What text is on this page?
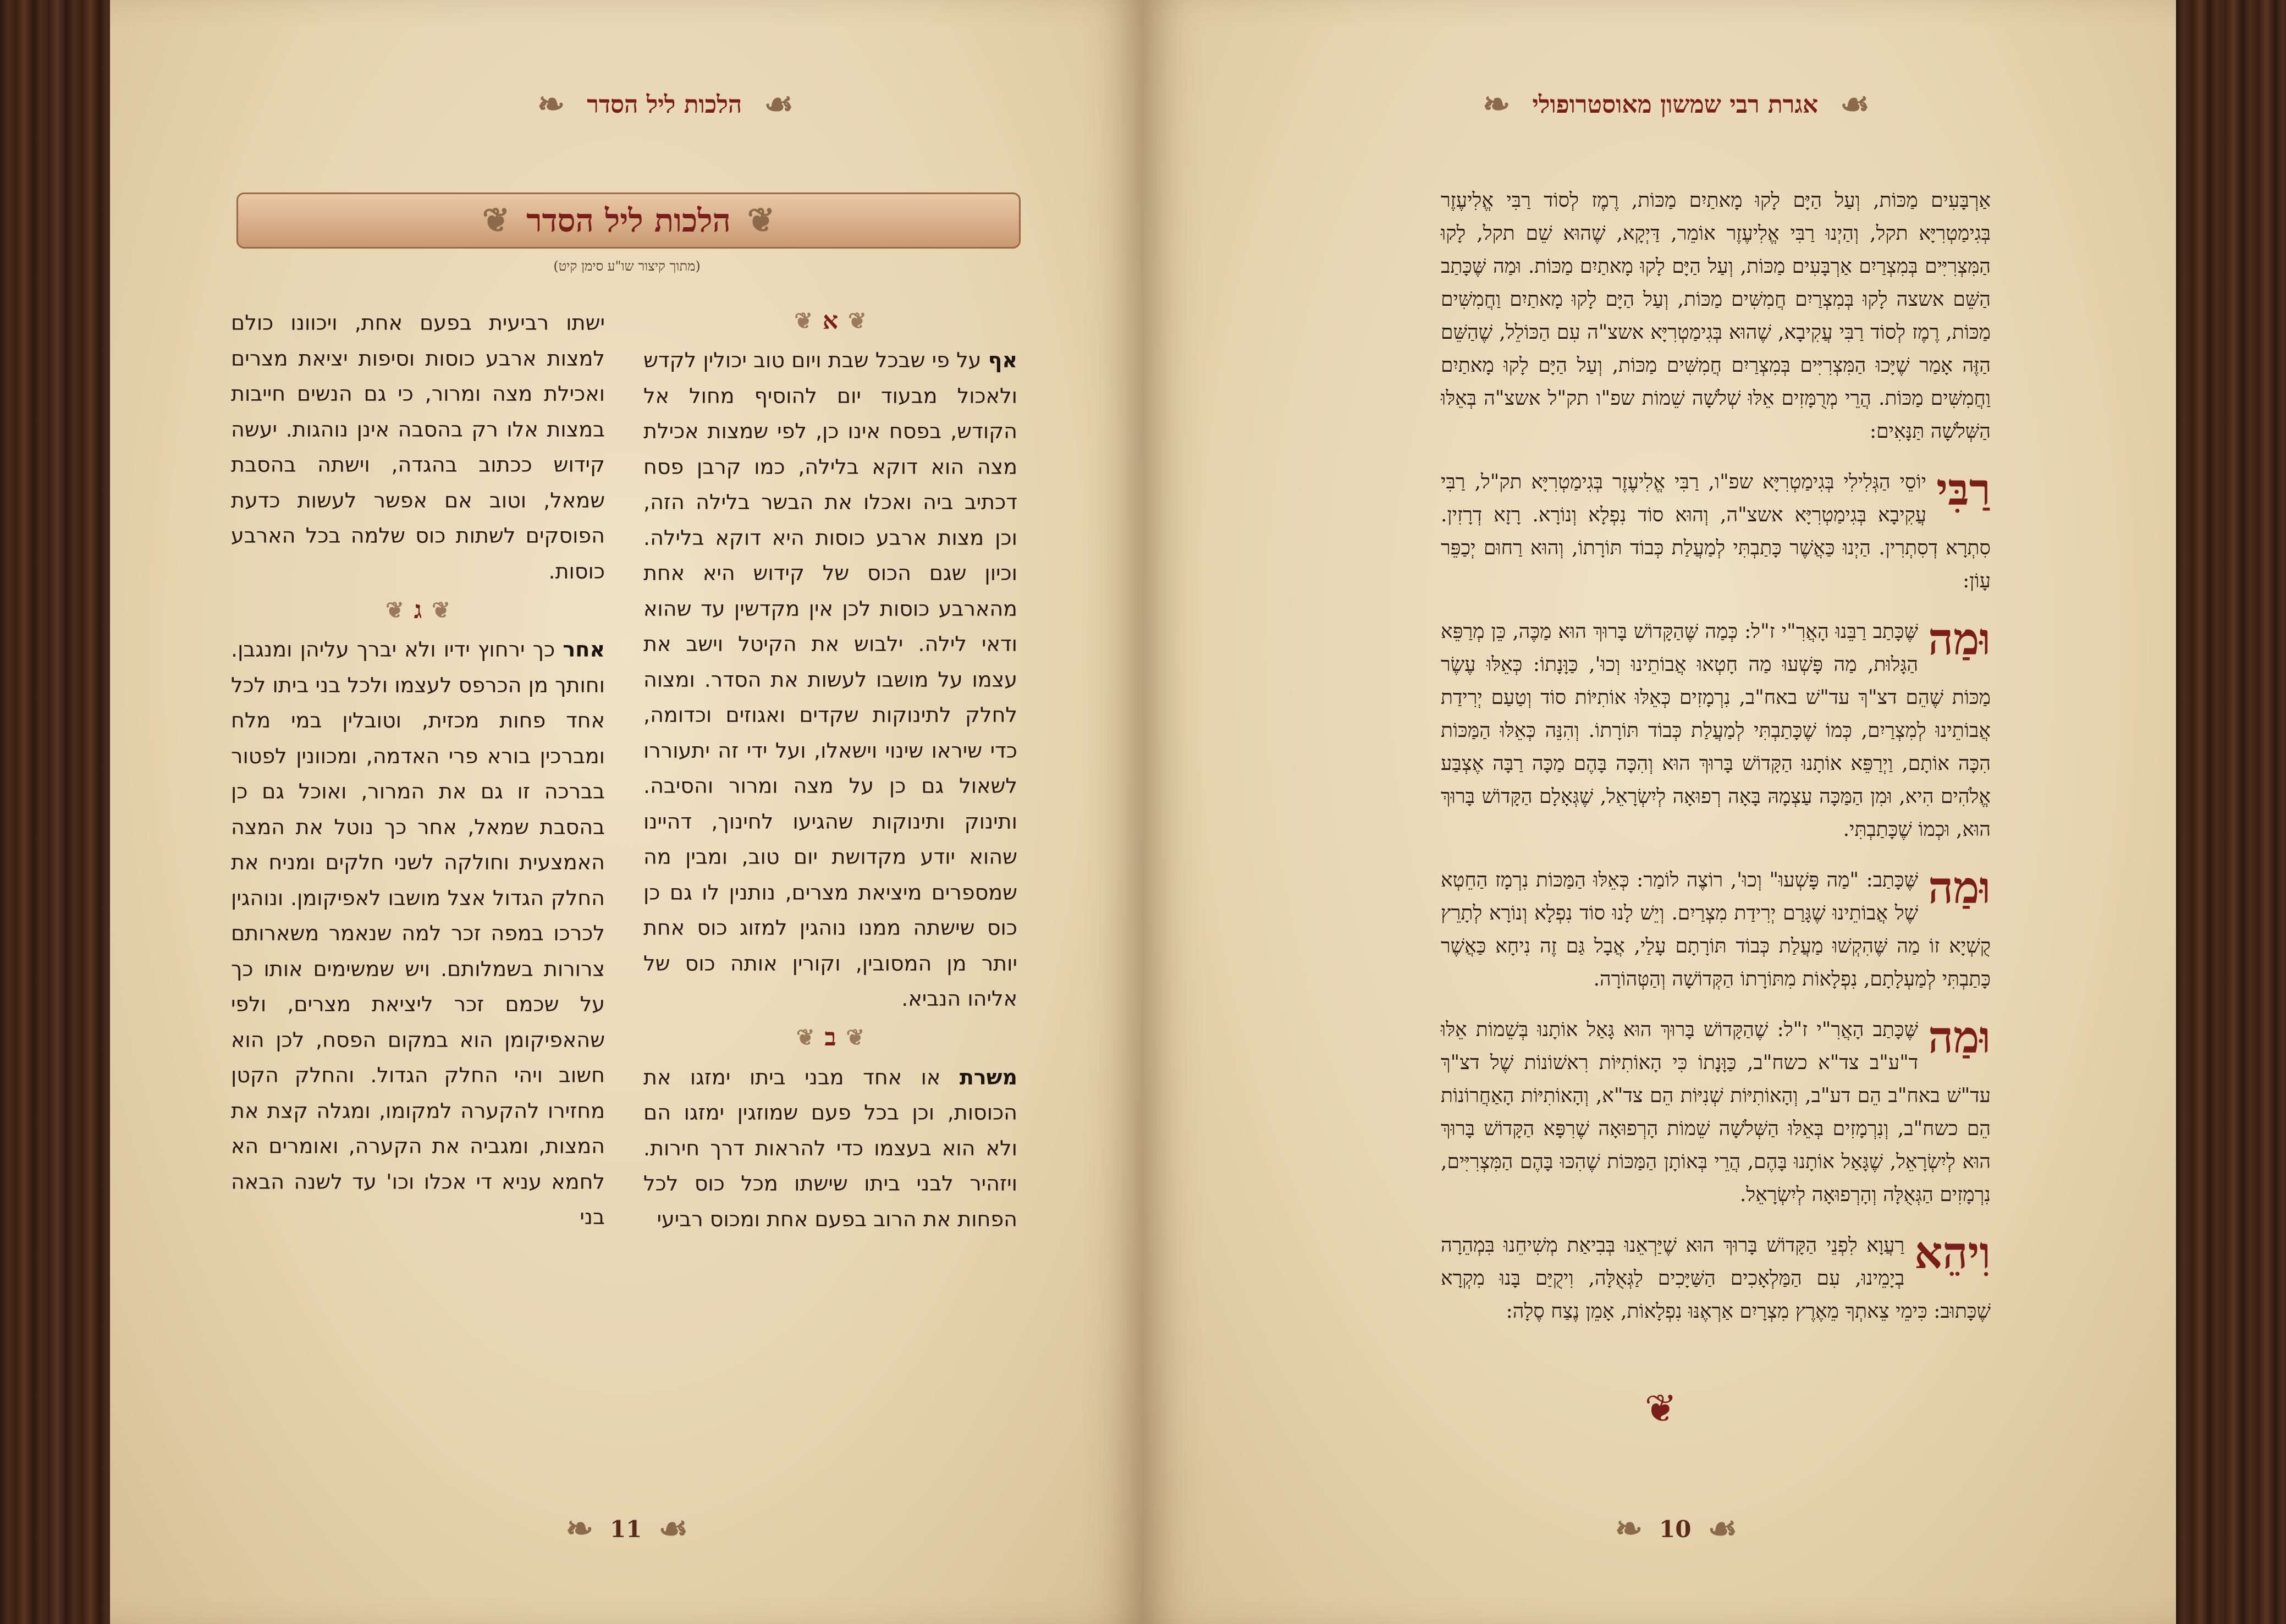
❧ הלכות ליל הסדר ☙
❦ הלכות ליל הסדר ❦
(מתוך קיצור שו"ע סימן קיט)
❦
א
❦

אף על פי שבכל שבת ויום טוב יכולין לקדש ולאכול מבעוד יום להוסיף מחול אל הקודש, בפסח אינו כן, לפי שמצות אכילת מצה הוא דוקא בלילה, כמו קרבן פסח דכתיב ביה ואכלו את הבשר בלילה הזה, וכן מצות ארבע כוסות היא דוקא בלילה. וכיון שגם הכוס של קידוש היא אחת מהארבע כוסות לכן אין מקדשין עד שהוא ודאי לילה. ילבוש את הקיטל וישב את עצמו על מושבו לעשות את הסדר. ומצוה לחלק לתינוקות שקדים ואגוזים וכדומה, כדי שיראו שינוי וישאלו, ועל ידי זה יתעוררו לשאול גם כן על מצה ומרור והסיבה. ותינוק ותינוקות שהגיעו לחינוך, דהיינו שהוא יודע מקדושת יום טוב, ומבין מה שמספרים מיציאת מצרים, נותנין לו גם כן כוס שישתה ממנו נוהגין למזוג כוס אחת יותר מן המסובין, וקורין אותה כוס של אליהו הנביא.

❦
ב
❦

משרת או אחד מבני ביתו ימזגו את הכוסות, וכן בכל פעם שמוזגין ימזגו הם ולא הוא בעצמו כדי להראות דרך חירות. ויזהיר לבני ביתו שישתו מכל כוס לכל הפחות את הרוב בפעם אחת ומכוס רביעי

ישתו רביעית בפעם אחת, ויכוונו כולם למצות ארבע כוסות וסיפות יציאת מצרים ואכילת מצה ומרור, כי גם הנשים חייבות במצות אלו רק בהסבה אינן נוהגות. יעשה קידוש ככתוב בהגדה, וישתה בהסבת שמאל, וטוב אם אפשר לעשות כדעת הפוסקים לשתות כוס שלמה בכל הארבע כוסות.

❦
ג
❦

אחר כך ירחוץ ידיו ולא יברך עליהן ומנגבן. וחותך מן הכרפס לעצמו ולכל בני ביתו לכל אחד פחות מכזית, וטובלין במי מלח ומברכין בורא פרי האדמה, ומכוונין לפטור בברכה זו גם את המרור, ואוכל גם כן בהסבת שמאל, אחר כך נוטל את המצה האמצעית וחולקה לשני חלקים ומניח את החלק הגדול אצל מושבו לאפיקומן. ונוהגין לכרכו במפה זכר למה שנאמר משארותם צרורות בשמלותם. ויש שמשימים אותו כך על שכמם זכר ליציאת מצרים, ולפי שהאפיקומן הוא במקום הפסח, לכן הוא חשוב ויהי החלק הגדול. והחלק הקטן מחזירו להקערה למקומו, ומגלה קצת את המצות, ומגביה את הקערה, ואומרים הא לחמא עניא די אכלו וכו' עד לשנה הבאה בני

❧ 11 ☙
❧ אגרת רבי שמשון מאוסטרופולי ☙
❧ 10 ☙

אַרְבָּעִים מַכּוֹת, וְעַל הַיָּם לָקוּ מָאתַיִם מַכּוֹת, רֶמֶז לְסוֹד רַבִּי אֱלִיעֶזֶר בְּגִימַטְרִיָּא תקל, וְהַיְנוּ רַבִּי אֱלִיעֶזֶר אוֹמֵר, דַּיְקָא, שֶׁהוּא שֵׁם תקל, לָקוּ הַמִּצְרִיִּים בְּמִצְרַיִם אַרְבָּעִים מַכּוֹת, וְעַל הַיָּם לָקוּ מָאתַיִם מַכּוֹת. וּמַה שֶּׁכָּתַב הַשֵּׁם אשצה לָקוּ בְּמִצְרַיִם חֲמִשִּׁים מַכּוֹת, וְעַל הַיָּם לָקוּ מָאתַיִם וַחֲמִשִּׁים מַכּוֹת, רֶמֶז לְסוֹד רַבִּי עֲקִיבָא, שֶׁהוּא בְּגִימַטְרִיָּא אשצ"ה עִם הַכּוֹלֵל, שֶׁהַשֵּׁם הַזֶּה אָמַר שֶׁיָּכוּ הַמִּצְרִיִּים בְּמִצְרַיִם חֲמִשִּׁים מַכּוֹת, וְעַל הַיָּם לָקוּ מָאתַיִם וַחֲמִשִּׁים מַכּוֹת. הֲרֵי מְרֻמָּזִים אֵלּוּ שְׁלֹשָׁה שֵׁמוֹת שפ"ו תק"ל אשצ"ה בְּאֵלּוּ הַשְּׁלֹשָׁה תַּנָּאִים:

רַבִּי
יוֹסֵי הַגְּלִילִי בְּגִימַטְרִיָּא שפ"ו, רַבִּי אֱלִיעֶזֶר בְּגִימַטְרִיָּא תק"ל, רַבִּי עֲקִיבָא בְּגִימַטְרִיָּא אשצ"ה, וְהוּא סוֹד נִפְלָא וְנוֹרָא. רָזָא דְרָזִין. סִתְרָא דְסִתְרִין. הַיְנוּ כַּאֲשֶׁר כָּתַבְתִּי לְמַעֲלַת כְּבוֹד תּוֹרָתוֹ, וְהוּא רַחוּם יְכַפֵּר עָוֹן:

וּמַה
שֶּׁכָּתַב רַבֵּנוּ הָאֲרִ"י ז"ל: כְּמַה שֶּׁהַקָּדוֹשׁ בָּרוּךְ הוּא מַכֶּה, כֵּן מְרַפֵּא הַגָּלוּת, מַה פָּשְׁעוּ מַה חָטְאוּ אֲבוֹתֵינוּ וְכוּ', כַּוָּנָתוֹ: כְּאֵלּוּ עֶשֶׂר מַכּוֹת שֶׁהֵם דצ"ךְ עד"שׁ באח"ב, נִרְמָזִים כְּאֵלּוּ אוֹתִיּוֹת סוֹד וְטַעַם יְרִידַת אֲבוֹתֵינוּ לְמִצְרַיִם, כְּמוֹ שֶׁכָּתַבְתִּי לְמַעֲלַת כְּבוֹד תּוֹרָתוֹ. וְהִנֵּה כְּאֵלּוּ הַמַּכּוֹת הִכָּה אוֹתָם, וַיְרַפֵּא אוֹתָנוּ הַקָּדוֹשׁ בָּרוּךְ הוּא וְהִכָּה בָּהֶם מַכָּה רַבָּה אֶצְבַּע אֱלֹהִים הִיא, וּמִן הַמַּכָּה עַצְמָהּ בָּאָה רְפוּאָה לְיִשְׂרָאֵל, שֶׁגְּאָלָם הַקָּדוֹשׁ בָּרוּךְ הוּא, וּכְמוֹ שֶׁכָּתַבְתִּי.

וּמַה
שֶּׁכָּתַב: "מַה פָּשְׁעוּ" וְכוּ', רוֹצֶה לוֹמַר: כְּאֵלּוּ הַמַּכּוֹת נִרְמָז הַחֵטְא שֶׁל אֲבוֹתֵינוּ שֶׁגָּרַם יְרִידַת מִצְרַיִם. וְיֵשׁ לָנוּ סוֹד נִפְלָא וְנוֹרָא לְתָרֵץ קֻשְׁיָא זוֹ מַה שֶּׁהִקְשׁוּ מַעֲלַת כְּבוֹד תּוֹרָתָם עָלַי, אֲבָל גַּם זֶה נִיחָא כַּאֲשֶׁר כָּתַבְתִּי לְמַעְלָתָם, נִפְלָאוֹת מִתּוֹרָתוֹ הַקְּדוֹשָׁה וְהַטְּהוֹרָה.

וּמַה
שֶּׁכָּתַב הָאֲרִ"י ז"ל: שֶׁהַקָּדוֹשׁ בָּרוּךְ הוּא גָּאַל אוֹתָנוּ בְּשֵׁמוֹת אֵלּוּ ד"ע"ב צד"א כשח"ב, כַּוָּנָתוֹ כִּי הָאוֹתִיּוֹת רִאשׁוֹנוֹת שֶׁל דצ"ךְ עד"שׁ באח"ב הֵם דע"ב, וְהָאוֹתִיּוֹת שְׁנִיּוֹת הֵם צד"א, וְהָאוֹתִיּוֹת הָאַחֲרוֹנוֹת הֵם כשח"ב, וְנִרְמָזִים בְּאֵלּוּ הַשְּׁלֹשָׁה שֵׁמוֹת הָרְפוּאָה שֶׁרִפָּא הַקָּדוֹשׁ בָּרוּךְ הוּא לְיִשְׂרָאֵל, שֶׁגָּאַל אוֹתָנוּ בָּהֶם, הֲרֵי בְּאוֹתָן הַמַּכּוֹת שֶׁהִכּוּ בָּהֶם הַמִּצְרִיִּים, נִרְמָזִים הַגְּאֻלָּה וְהָרְפוּאָה לְיִשְׂרָאֵל.

וִיהֵא
רַעֲוָא לִפְנֵי הַקָּדוֹשׁ בָּרוּךְ הוּא שֶׁיַּרְאֵנוּ בְּבִיאַת מְשִׁיחֵנוּ בִּמְהֵרָה בְיָמֵינוּ, עִם הַמַּלְאָכִים הַשַּׁיָּכִים לַגְּאֻלָּה, וִיקֻיַּם בָּנוּ מִקְרָא שֶׁכָּתוּב: כִּימֵי צֵאתְךָ מֵאֶרֶץ מִצְרָיִם אַרְאֶנּוּ נִפְלָאוֹת, אָמֵן נֶצַח סֶלָה:

❦
